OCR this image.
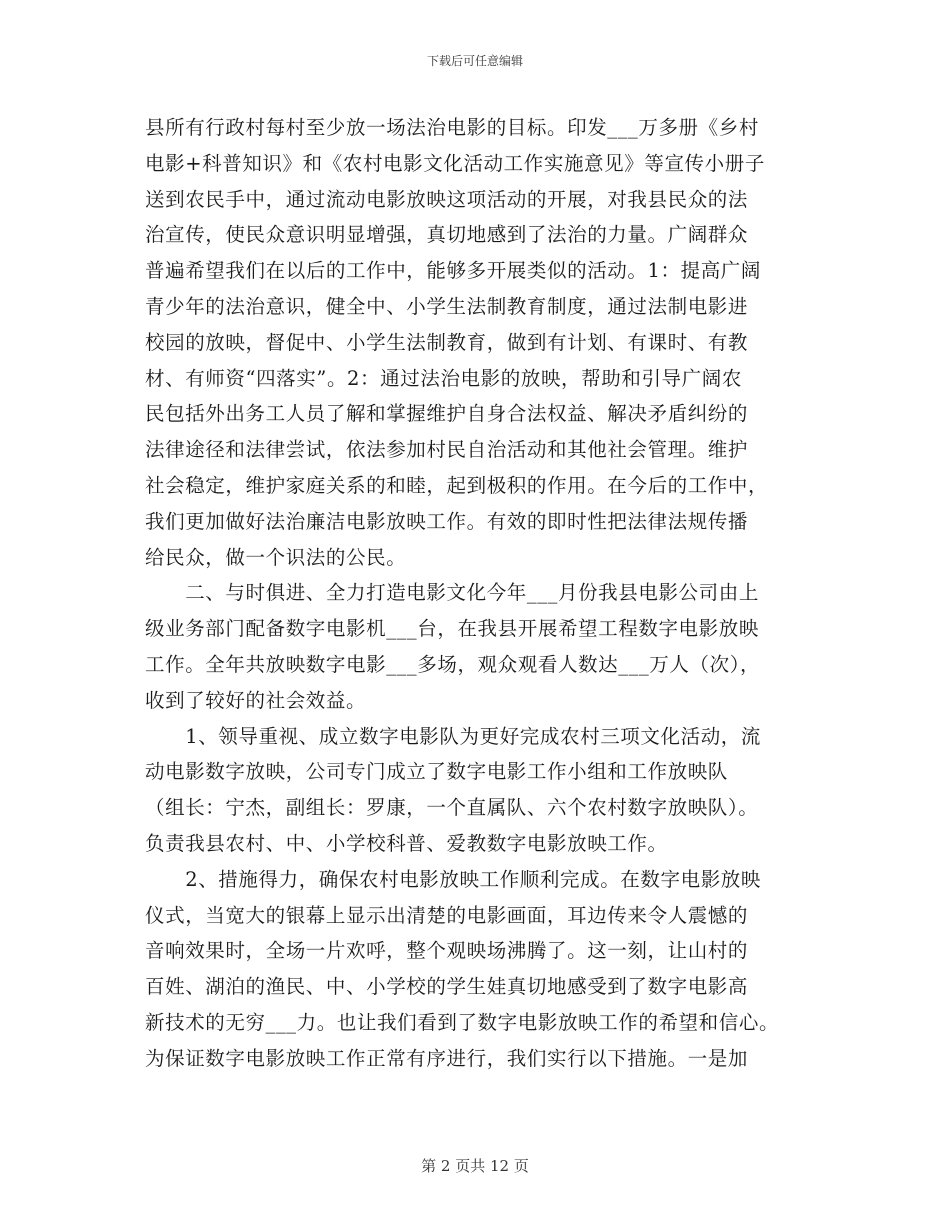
下载后可任意编辑
县所有行政村每村至少放一场法治电影的目标。印发___万多册《乡村
电影+科普知识》和《农村电影文化活动工作实施意见》等宣传小册子
送到农民手中，通过流动电影放映这项活动的开展，对我县民众的法
治宣传，使民众意识明显增强，真切地感到了法治的力量。广阔群众
普遍希望我们在以后的工作中，能够多开展类似的活动。1：提高广阔
青少年的法治意识，健全中、小学生法制教育制度，通过法制电影进
校园的放映，督促中、小学生法制教育，做到有计划、有课时、有教
材、有师资“四落实”。2：通过法治电影的放映，帮助和引导广阔农
民包括外出务工人员了解和掌握维护自身合法权益、解决矛盾纠纷的
法律途径和法律尝试，依法参加村民自治活动和其他社会管理。维护
社会稳定，维护家庭关系的和睦，起到极积的作用。在今后的工作中，
我们更加做好法治廉洁电影放映工作。有效的即时性把法律法规传播
给民众，做一个识法的公民。
　　二、与时俱进、全力打造电影文化今年___月份我县电影公司由上
级业务部门配备数字电影机___台，在我县开展希望工程数字电影放映
工作。全年共放映数字电影___多场，观众观看人数达___万人（次），
收到了较好的社会效益。
　　1、领导重视、成立数字电影队为更好完成农村三项文化活动，流
动电影数字放映，公司专门成立了数字电影工作小组和工作放映队
（组长：宁杰，副组长：罗康，一个直属队、六个农村数字放映队）。
负责我县农村、中、小学校科普、爱教数字电影放映工作。
　　2、措施得力，确保农村电影放映工作顺利完成。在数字电影放映
仪式，当宽大的银幕上显示出清楚的电影画面，耳边传来令人震憾的
音响效果时，全场一片欢呼，整个观映场沸腾了。这一刻，让山村的
百姓、湖泊的渔民、中、小学校的学生娃真切地感受到了数字电影高
新技术的无穷___力。也让我们看到了数字电影放映工作的希望和信心。
为保证数字电影放映工作正常有序进行，我们实行以下措施。一是加
第 2 页共 12 页
